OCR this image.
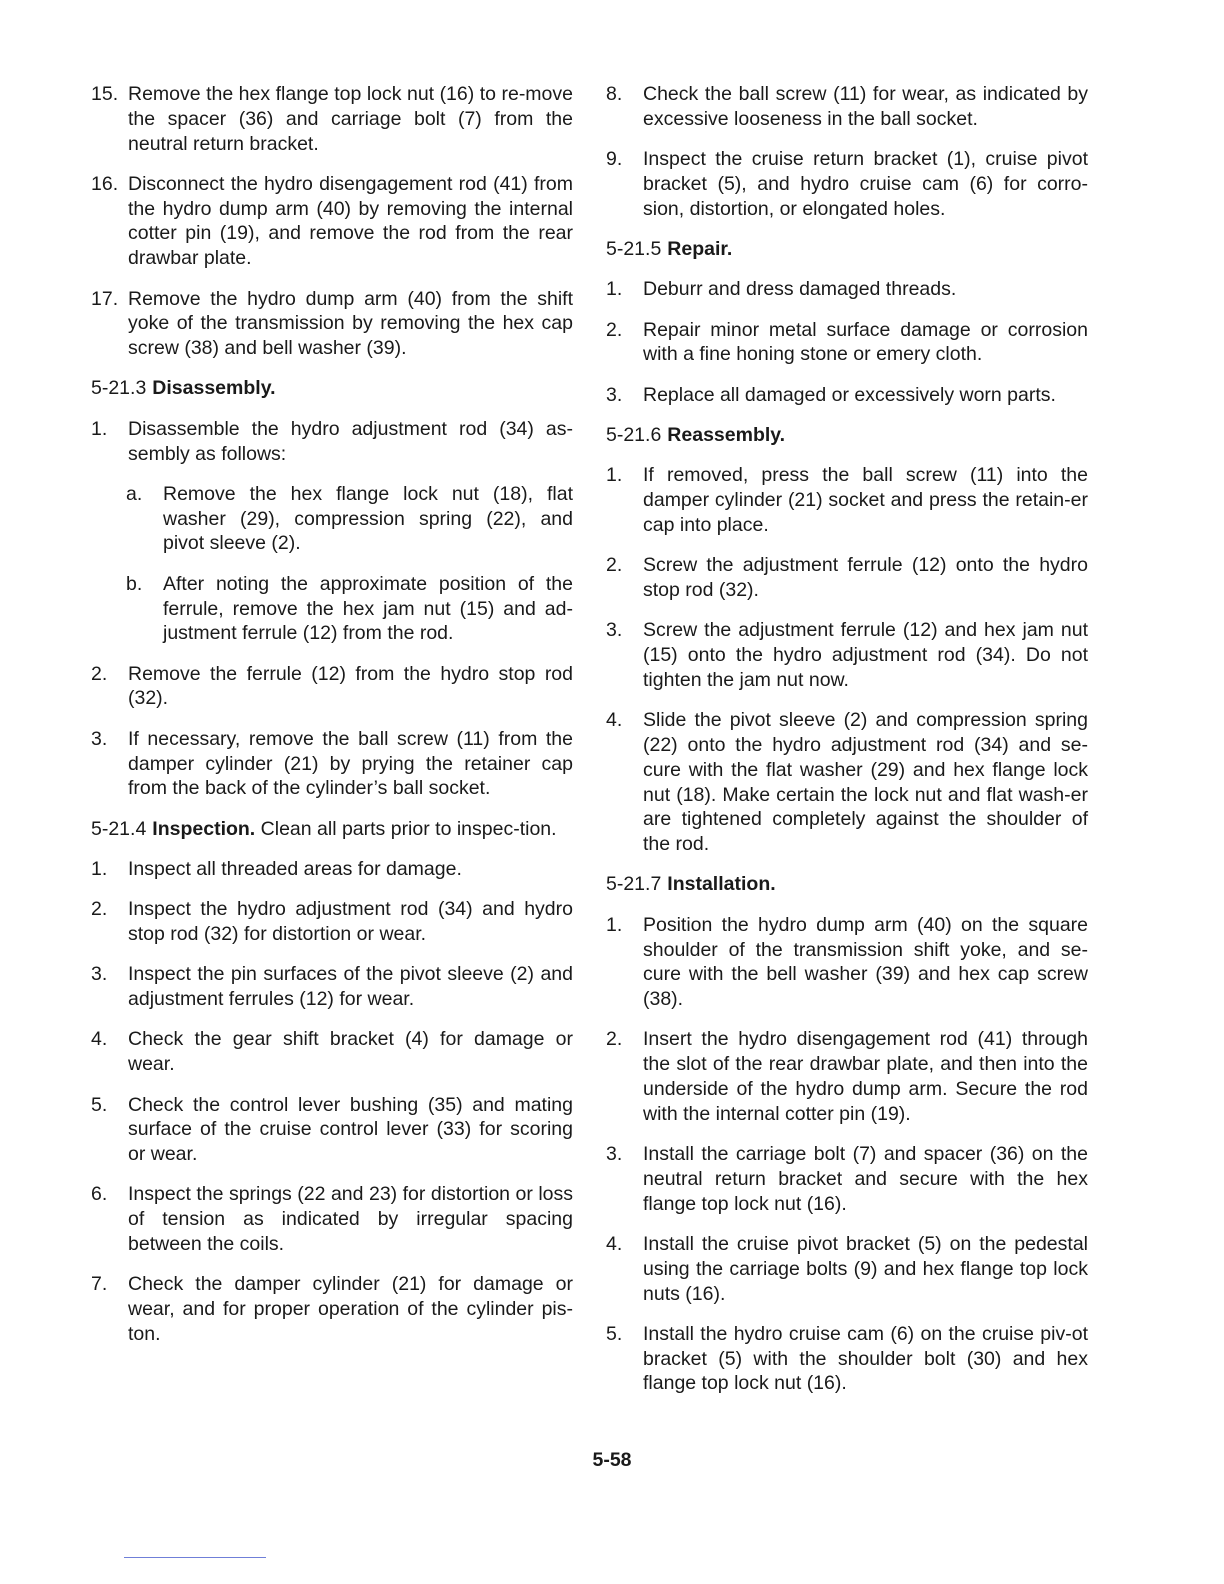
15. Remove the hex flange top lock nut (16) to re-move the spacer (36) and carriage bolt (7) from the neutral return bracket.
16. Disconnect the hydro disengagement rod (41) from the hydro dump arm (40) by removing the internal cotter pin (19), and remove the rod from the rear drawbar plate.
17. Remove the hydro dump arm (40) from the shift yoke of the transmission by removing the hex cap screw (38) and bell washer (39).
5-21.3 Disassembly.
1.	Disassemble the hydro adjustment rod (34) as-sembly as follows:
a.	Remove the hex flange lock nut (18), flat washer (29), compression spring (22), and pivot sleeve (2).
b.	After noting the approximate position of the ferrule, remove the hex jam nut (15) and ad-justment ferrule (12) from the rod.
2.	Remove the ferrule (12) from the hydro stop rod (32).
3.	If necessary, remove the ball screw (11) from the damper cylinder (21) by prying the retainer cap from the back of the cylinder’s ball socket.
5-21.4 Inspection. Clean all parts prior to inspec-tion.
1.	Inspect all threaded areas for damage.
2.	Inspect the hydro adjustment rod (34) and hydro stop rod (32) for distortion or wear.
3.	Inspect the pin surfaces of the pivot sleeve (2) and adjustment ferrules (12) for wear.
4.	Check the gear shift bracket (4) for damage or wear.
5.	Check the control lever bushing (35) and mating surface of the cruise control lever (33) for scoring or wear.
6.	Inspect the springs (22 and 23) for distortion or loss of tension as indicated by irregular spacing between the coils.
7.	Check the damper cylinder (21) for damage or wear, and for proper operation of the cylinder pis-ton.
8.	Check the ball screw (11) for wear, as indicated by excessive looseness in the ball socket.
9.	Inspect the cruise return bracket (1), cruise pivot bracket (5), and hydro cruise cam (6) for corro-sion, distortion, or elongated holes.
5-21.5 Repair.
1.	Deburr and dress damaged threads.
2.	Repair minor metal surface damage or corrosion with a fine honing stone or emery cloth.
3.	Replace all damaged or excessively worn parts.
5-21.6 Reassembly.
1.	If removed, press the ball screw (11) into the damper cylinder (21) socket and press the retain-er cap into place.
2.	Screw the adjustment ferrule (12) onto the hydro stop rod (32).
3.	Screw the adjustment ferrule (12) and hex jam nut (15) onto the hydro adjustment rod (34). Do not tighten the jam nut now.
4.	Slide the pivot sleeve (2) and compression spring (22) onto the hydro adjustment rod (34) and se-cure with the flat washer (29) and hex flange lock nut (18). Make certain the lock nut and flat wash-er are tightened completely against the shoulder of the rod.
5-21.7 Installation.
1.	Position the hydro dump arm (40) on the square shoulder of the transmission shift yoke, and se-cure with the bell washer (39) and hex cap screw (38).
2.	Insert the hydro disengagement rod (41) through the slot of the rear drawbar plate, and then into the underside of the hydro dump arm. Secure the rod with the internal cotter pin (19).
3.	Install the carriage bolt (7) and spacer (36) on the neutral return bracket and secure with the hex flange top lock nut (16).
4.	Install the cruise pivot bracket (5) on the pedestal using the carriage bolts (9) and hex flange top lock nuts (16).
5.	Install the hydro cruise cam (6) on the cruise piv-ot bracket (5) with the shoulder bolt (30) and hex flange top lock nut (16).
5-58
